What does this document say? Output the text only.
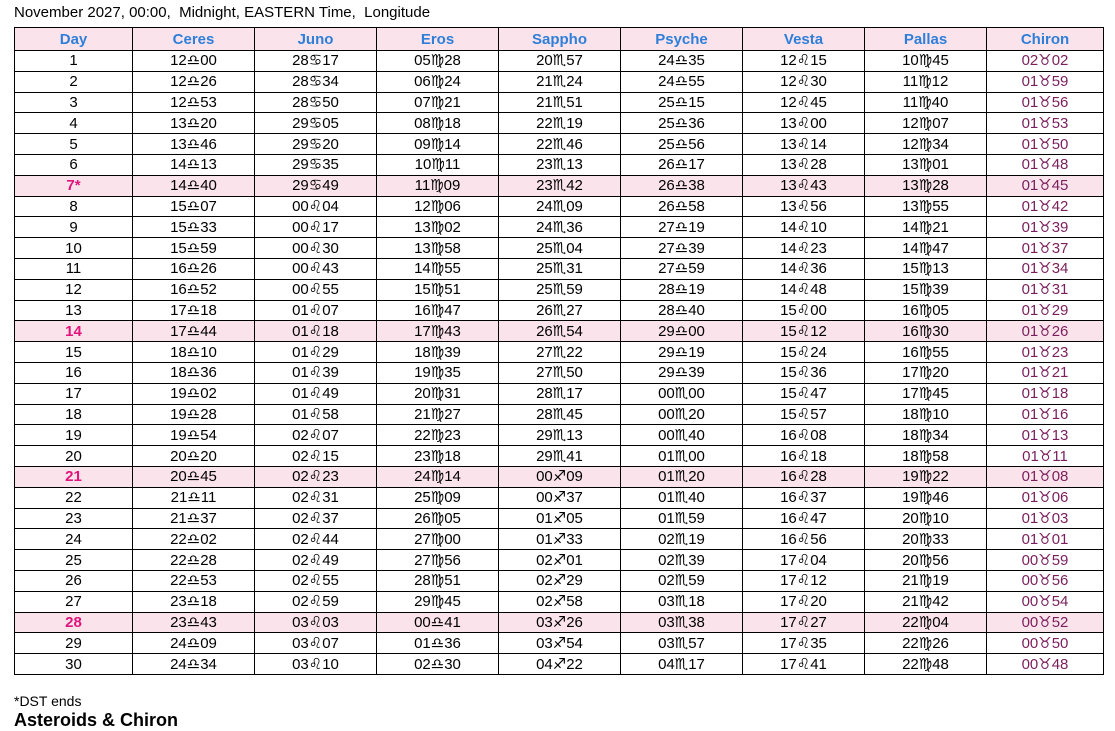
November 2027, 00:00,  Midnight, EASTERN Time,  Longitude
Day	Ceres	Juno	Eros	Sappho	Psyche	Vesta	Pallas	Chiron
1	12♎00	28♋17	05♍28	20♏57	24♎35	12♌15	10♍45	02♉02
2	12♎26	28♋34	06♍24	21♏24	24♎55	12♌30	11♍12	01♉59
3	12♎53	28♋50	07♍21	21♏51	25♎15	12♌45	11♍40	01♉56
4	13♎20	29♋05	08♍18	22♏19	25♎36	13♌00	12♍07	01♉53
5	13♎46	29♋20	09♍14	22♏46	25♎56	13♌14	12♍34	01♉50
6	14♎13	29♋35	10♍11	23♏13	26♎17	13♌28	13♍01	01♉48
7*	14♎40	29♋49	11♍09	23♏42	26♎38	13♌43	13♍28	01♉45
8	15♎07	00♌04	12♍06	24♏09	26♎58	13♌56	13♍55	01♉42
9	15♎33	00♌17	13♍02	24♏36	27♎19	14♌10	14♍21	01♉39
10	15♎59	00♌30	13♍58	25♏04	27♎39	14♌23	14♍47	01♉37
11	16♎26	00♌43	14♍55	25♏31	27♎59	14♌36	15♍13	01♉34
12	16♎52	00♌55	15♍51	25♏59	28♎19	14♌48	15♍39	01♉31
13	17♎18	01♌07	16♍47	26♏27	28♎40	15♌00	16♍05	01♉29
14	17♎44	01♌18	17♍43	26♏54	29♎00	15♌12	16♍30	01♉26
15	18♎10	01♌29	18♍39	27♏22	29♎19	15♌24	16♍55	01♉23
16	18♎36	01♌39	19♍35	27♏50	29♎39	15♌36	17♍20	01♉21
17	19♎02	01♌49	20♍31	28♏17	00♏00	15♌47	17♍45	01♉18
18	19♎28	01♌58	21♍27	28♏45	00♏20	15♌57	18♍10	01♉16
19	19♎54	02♌07	22♍23	29♏13	00♏40	16♌08	18♍34	01♉13
20	20♎20	02♌15	23♍18	29♏41	01♏00	16♌18	18♍58	01♉11
21	20♎45	02♌23	24♍14	00♐09	01♏20	16♌28	19♍22	01♉08
22	21♎11	02♌31	25♍09	00♐37	01♏40	16♌37	19♍46	01♉06
23	21♎37	02♌37	26♍05	01♐05	01♏59	16♌47	20♍10	01♉03
24	22♎02	02♌44	27♍00	01♐33	02♏19	16♌56	20♍33	01♉01
25	22♎28	02♌49	27♍56	02♐01	02♏39	17♌04	20♍56	00♉59
26	22♎53	02♌55	28♍51	02♐29	02♏59	17♌12	21♍19	00♉56
27	23♎18	02♌59	29♍45	02♐58	03♏18	17♌20	21♍42	00♉54
28	23♎43	03♌03	00♎41	03♐26	03♏38	17♌27	22♍04	00♉52
29	24♎09	03♌07	01♎36	03♐54	03♏57	17♌35	22♍26	00♉50
30	24♎34	03♌10	02♎30	04♐22	04♏17	17♌41	22♍48	00♉48
*DST ends
Asteroids & Chiron
